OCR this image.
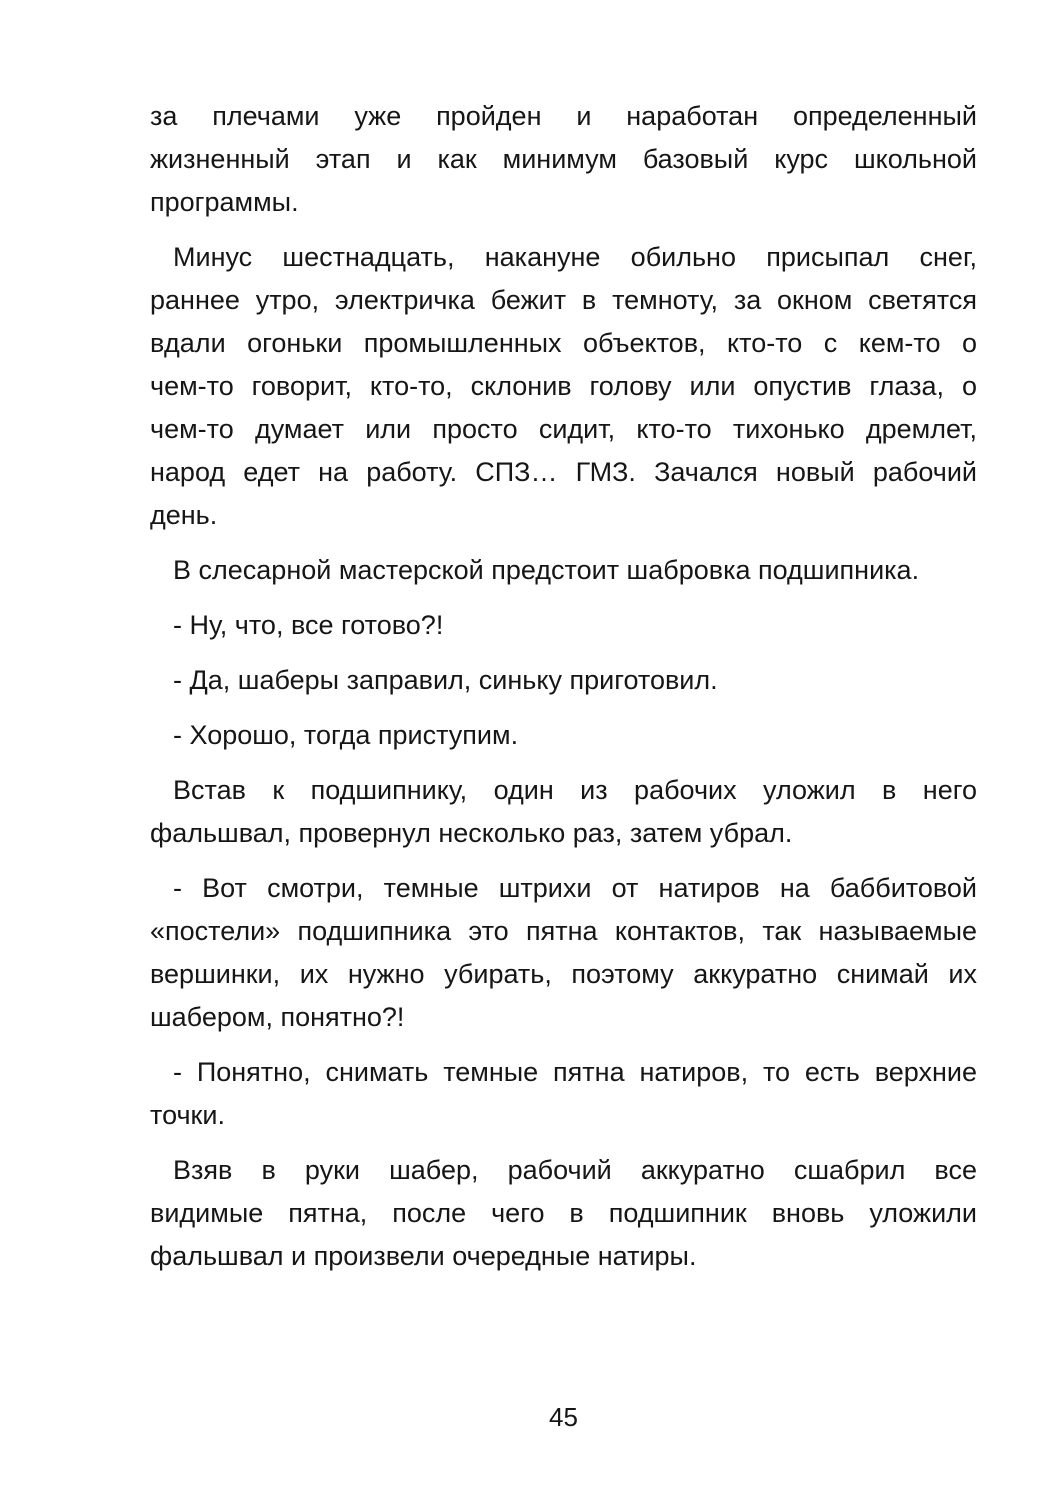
за плечами уже пройден и наработан определенный
жизненный этап и как минимум базовый курс школьной
программы.
Минус шестнадцать, накануне обильно присыпал снег,
раннее утро, электричка бежит в темноту, за окном светятся
вдали огоньки промышленных объектов, кто-то с кем-то о
чем-то говорит, кто-то, склонив голову или опустив глаза, о
чем-то думает или просто сидит, кто-то тихонько дремлет,
народ едет на работу. СПЗ… ГМЗ. Зачался новый рабочий
день.
В слесарной мастерской предстоит шабровка подшипника.
- Ну, что, все готово?!
- Да, шаберы заправил, синьку приготовил.
- Хорошо, тогда приступим.
Встав к подшипнику, один из рабочих уложил в него
фальшвал, провернул несколько раз, затем убрал.
- Вот смотри, темные штрихи от натиров на баббитовой
«постели» подшипника это пятна контактов, так называемые
вершинки, их нужно убирать, поэтому аккуратно снимай их
шабером, понятно?!
- Понятно, снимать темные пятна натиров, то есть верхние
точки.
Взяв в руки шабер, рабочий аккуратно сшабрил все
видимые пятна, после чего в подшипник вновь уложили
фальшвал и произвели очередные натиры.
45
